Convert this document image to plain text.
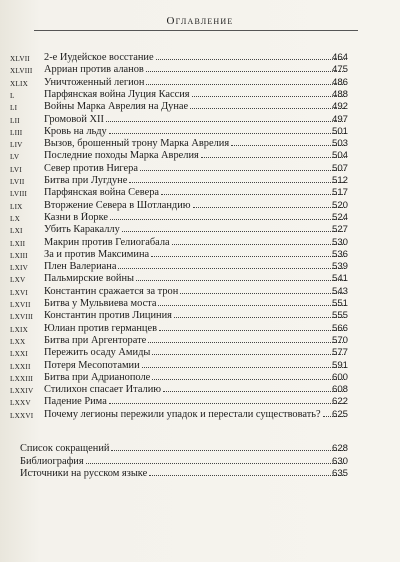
Оглавление
XLVII	2-е Иудейское восстание	464
XLVIII	Арриан против аланов	475
XLIX	Уничтоженный легион	486
L	Парфянская война Луция Кассия	488
LI	Войны Марка Аврелия на Дунае	492
LII	Громовой XII	497
LIII	Кровь на льду	501
LIV	Вызов, брошенный трону Марка Аврелия	503
LV	Последние походы Марка Аврелия	504
LVI	Север против Нигера	507
LVII	Битва при Лугдуне	512
LVIII	Парфянская война Севера	517
LIX	Вторжение Севера в Шотландию	520
LX	Казни в Йорке	524
LXI	Убить Каракаллу	527
LXII	Макрин против Гелиогабала	530
LXIII	За и против Максимина	536
LXIV	Плен Валериана	539
LXV	Пальмирские войны	541
LXVI	Константин сражается за трон	543
LXVII	Битва у Мульвиева моста	551
LXVIII	Константин против Лициния	555
LXIX	Юлиан против германцев	566
LXX	Битва при Аргенторате	570
LXXI	Пережить осаду Амиды	577
LXXII	Потеря Месопотамии	591
LXXIII	Битва при Адрианополе	600
LXXIV	Стилихон спасает Италию	608
LXXV	Падение Рима	622
LXXVI	Почему легионы пережили упадок и перестали существовать?	625
Список сокращений	628
Библиография	630
Источники на русском языке	635
